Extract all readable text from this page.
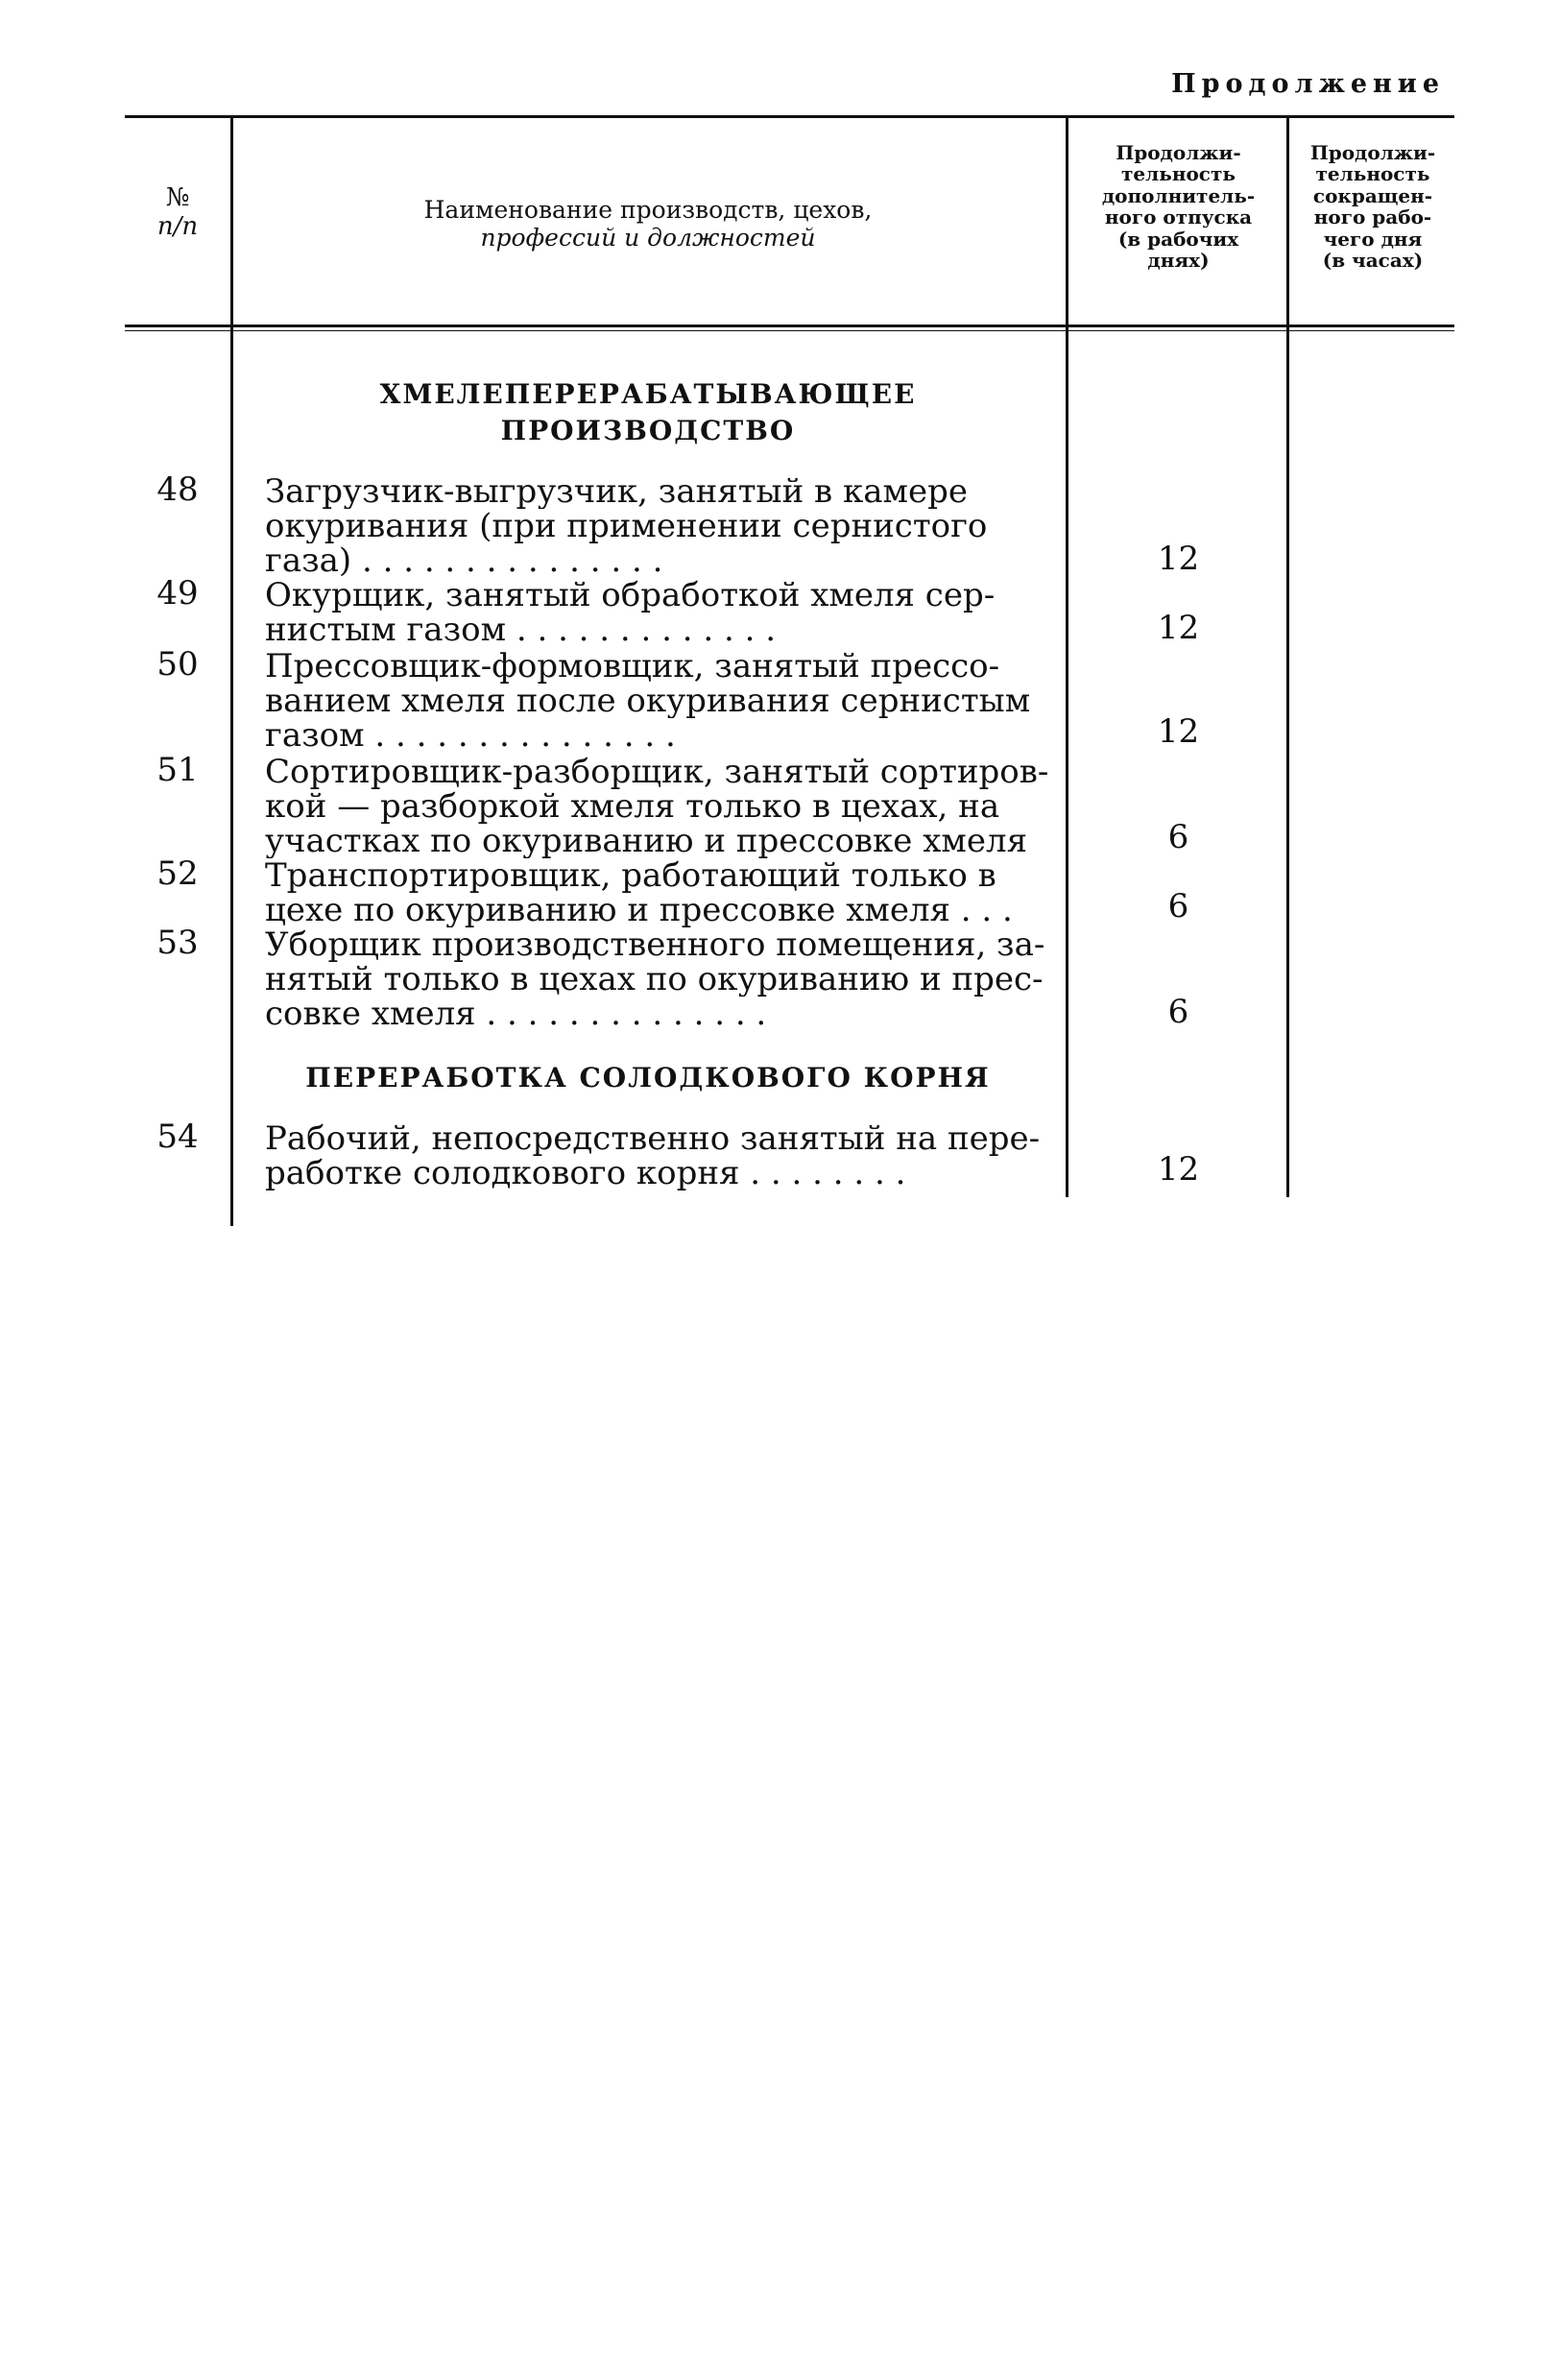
Продолжение
№
п/п
Наименование производств, цехов,
профессий и должностей
Продолжи-
тельность
дополнитель-
ного отпуска
(в рабочих
днях)
Продолжи-
тельность
сокращен-
ного рабо-
чего дня
(в часах)
ХМЕЛЕПЕРЕРАБАТЫВАЮЩЕЕ
ПРОИЗВОДСТВО
48	Загрузчик-выгрузчик, занятый в камере
окуривания (при применении сернистого
газа) . . . . . . . . . . . . . . .	12
49	Окурщик, занятый обработкой хмеля сер-
нистым газом . . . . . . . . . . . . .	12
50	Прессовщик-формовщик, занятый прессо-
ванием хмеля после окуривания сернистым
газом . . . . . . . . . . . . . . .	12
51	Сортировщик-разборщик, занятый сортиров-
кой — разборкой хмеля только в цехах, на
участках по окуриванию и прессовке хмеля	6
52	Транспортировщик, работающий только в
цехе по окуриванию и прессовке хмеля . . .	6
53	Уборщик производственного помещения, за-
нятый только в цехах по окуриванию и прес-
совке хмеля . . . . . . . . . . . . . .	6
ПЕРЕРАБОТКА СОЛОДКОВОГО КОРНЯ
54	Рабочий, непосредственно занятый на пере-
работке солодкового корня . . . . . . . .	12
